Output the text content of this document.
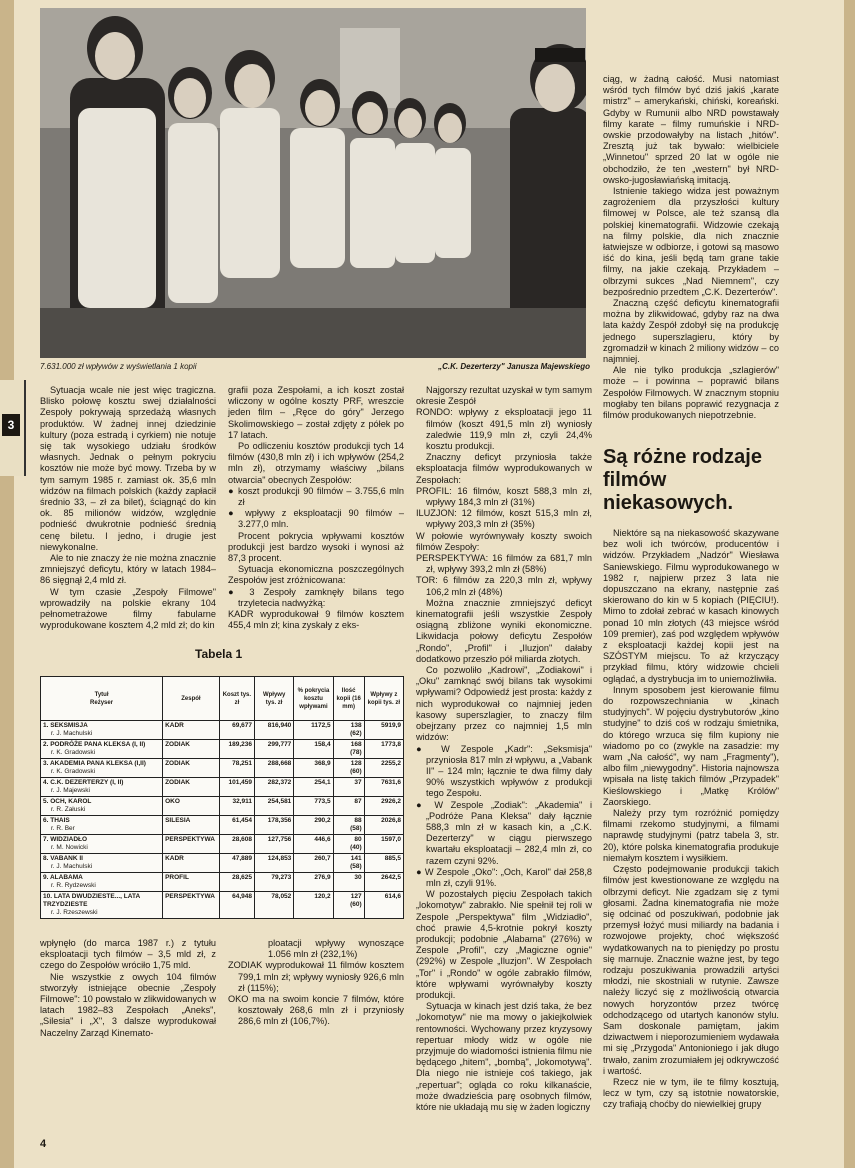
7.631.000 zł wpływów z wyświetlania 1 kopii	„C.K. Dezerterzy" Janusza Majewskiego
3

Sytuacja wcale nie jest więc tragiczna. Blisko połowę kosztu swej działalności Zespoły pokrywają sprzedażą własnych produktów. W żadnej innej dziedzinie kultury (poza estradą i cyrkiem) nie notuje się tak wysokiego udziału środków własnych. Jednak o pełnym pokryciu kosztów nie może być mowy. Trzeba by w tym samym 1985 r. zamiast ok. 35,6 mln widzów na filmach polskich (każdy zapłacił średnio 33, – zł za bilet), ściągnąć do kin ok. 85 milionów widzów, względnie podnieść dwukrotnie podnieść średnią cenę biletu. I jedno, i drugie jest niewykonalne.

Ale to nie znaczy że nie można znacznie zmniejszyć deficytu, który w latach 1984–86 sięgnął 2,4 mld zł.

W tym czasie „Zespoły Filmowe" wprowadziły na polskie ekrany 104 pełnometrażowe filmy fabularne wyprodukowane kosztem 4,2 mld zł; do kin

grafii poza Zespołami, a ich koszt został wliczony w ogólne koszty PRF, wreszcie jeden film – „Ręce do góry" Jerzego Skolimowskiego – został zdjęty z półek po 17 latach.

Po odliczeniu kosztów produkcji tych 14 filmów (430,8 mln zł) i ich wpływów (254,2 mln zł), otrzymamy właściwy „bilans otwarcia" obecnych Zespołów:

● koszt produkcji 90 filmów – 3.755,6 mln zł

● wpływy z eksploatacji 90 filmów – 3.277,0 mln.

Procent pokrycia wpływami kosztów produkcji jest bardzo wysoki i wynosi aż 87,3 procent.

Sytuacja ekonomiczna poszczególnych Zespołów jest zróżnicowana:

● 3 Zespoły zamknęły bilans tego trzyletecia nadwyżką:

KADR wyprodukował 9 filmów kosztem 455,4 mln zł; kina zyskały z eks-

Tabela 1
Tytuł
Reżyser	Zespół	Koszt tys. zł	Wpływy tys. zł	% pokrycia kosztu wpływami	Ilość kopii (16 mm)	Wpływy z kopii tys. zł

1. SEKSMISJA
r. J. Machulski	KADR	69,677	816,940	1172,5	138
(62)	5919,9

2. PODRÓŻE PANA KLEKSA (I, II)
r. K. Gradowski	ZODIAK	189,236	299,777	158,4	168
(78)	1773,8

3. AKADEMIA PANA KLEKSA (I,II)
r. K. Gradowski	ZODIAK	78,251	288,668	368,9	128
(60)	2255,2

4. C.K. DEZERTERZY (I, II)
r. J. Majewski	ZODIAK	101,459	282,372	254,1	37	7631,6

5. OCH, KAROL
r. R. Załuski	OKO	32,911	254,581	773,5	87	2926,2

6. THAIS
r. R. Ber	SILESIA	61,454	178,356	290,2	88
(58)	2026,8

7. WIDZIADŁO
r. M. Nowicki	PERSPEKTYWA	28,608	127,756	446,6	80
(40)	1597,0

8. VABANK II
r. J. Machulski	KADR	47,889	124,853	260,7	141
(58)	885,5

9. ALABAMA
r. R. Rydzewski	PROFIL	28,625	79,273	276,9	30	2642,5

10. LATA DWUDZIESTE..., LATA TRZYDZIESTE
r. J. Rzeszewski	PERSPEKTYWA	64,948	78,052	120,2	127
(60)	614,6

wpłynęło (do marca 1987 r.) z tytułu eksploatacji tych filmów – 3,5 mld zł, z czego do Zespołów wróciło 1,75 mld.

Nie wszystkie z owych 104 filmów stworzyły istniejące obecnie „Zespoły Filmowe": 10 powstało w zlikwidowanych w latach 1982–83 Zespołach „Aneks", „Silesia" i „X", 3 dalsze wyprodukował Naczelny Zarząd Kinemato-

ploatacji wpływy wynoszące 1.056 mln zł (232,1%)

ZODIAK wyprodukował 11 filmów kosztem 799,1 mln zł; wpływy wyniosły 926,6 mln zł (115%);

OKO ma na swoim koncie 7 filmów, które kosztowały 268,6 mln zł i przyniosły 286,6 mln zł (106,7%).

Najgorszy rezultat uzyskał w tym samym okresie Zespół

RONDO: wpływy z eksploatacji jego 11 filmów (koszt 491,5 mln zł) wyniosły zaledwie 119,9 mln zł, czyli 24,4% kosztu produkcji.

Znaczny deficyt przyniosła także eksploatacja filmów wyprodukowanych w Zespołach:

PROFIL: 16 filmów, koszt 588,3 mln zł, wpływy 184,3 mln zł (31%)

ILUZJON: 12 filmów, koszt 515,3 mln zł, wpływy 203,3 mln zł (35%)

W połowie wyrównywały koszty swoich filmów Zespoły:

PERSPEKTYWA: 16 filmów za 681,7 mln zł, wpływy 393,2 mln zł (58%)

TOR: 6 filmów za 220,3 mln zł, wpływy 106,2 mln zł (48%)

Można znacznie zmniejszyć deficyt kinematografii jeśli wszystkie Zespoły osiągną zbliżone wyniki ekonomiczne. Likwidacja połowy deficytu Zespołów „Rondo", „Profil" i „Iluzjon" dałaby dodatkowo przeszło pół miliarda złotych.

Co pozwoliło „Kadrowi", „Zodiakowi" i „Oku" zamknąć swój bilans tak wysokimi wpływami? Odpowiedź jest prosta: każdy z nich wyprodukował co najmniej jeden kasowy superszlagier, to znaczy film obejrzany przez co najmniej 1,5 mln widzów:

● W Zespole „Kadr": „Seksmisja" przyniosła 817 mln zł wpływu, a „Vabank II" – 124 mln; łącznie te dwa filmy dały 90% wszystkich wpływów z produkcji tego Zespołu.

● W Zespole „Zodiak": „Akademia" i „Podróże Pana Kleksa" dały łącznie 588,3 mln zł w kasach kin, a „C.K. Dezerterzy" w ciągu pierwszego kwartału eksploatacji – 282,4 mln zł, co razem czyni 92%.

● W Zespole „Oko": „Och, Karol" dał 258,8 mln zł, czyli 91%.

W pozostałych pięciu Zespołach takich „lokomotyw" zabrakło. Nie spełnił tej roli w Zespole „Perspektywa" film „Widziadło", choć prawie 4,5-krotnie pokrył koszty produkcji; podobnie „Alabama" (276%) w Zespole „Profil", czy „Magiczne ognie" (292%) w Zespole „Iluzjon". W Zespołach „Tor" i „Rondo" w ogóle zabrakło filmów, które wpływami wyrównałyby koszty produkcji.

Sytuacja w kinach jest dziś taka, że bez „lokomotyw" nie ma mowy o jakiejkolwiek rentowności. Wychowany przez kryzysowy repertuar młody widz w ogóle nie przyjmuje do wiadomości istnienia filmu nie będącego „hitem", „bombą", „lokomotywą". Dla niego nie istnieje coś takiego, jak „repertuar"; ogląda co roku kilkanaście, może dwadzieścia parę osobnych filmów, które nie układają mu się w żaden logiczny

ciąg, w żadną całość. Musi natomiast wśród tych filmów być dziś jakiś „karate mistrz" – amerykański, chiński, koreański. Gdyby w Rumunii albo NRD powstawały filmy karate – filmy rumuńskie i NRD-owskie przodowałyby na listach „hitów". Zresztą już tak bywało: wielbiciele „Winnetou" sprzed 20 lat w ogóle nie obchodziło, że ten „western" był NRD-owsko-jugosławiańską imitacją.

Istnienie takiego widza jest poważnym zagrożeniem dla przyszłości kultury filmowej w Polsce, ale też szansą dla polskiej kinematografii. Widzowie czekają na filmy polskie, dla nich znacznie łatwiejsze w odbiorze, i gotowi są masowo iść do kina, jeśli będą tam grane takie filmy, na jakie czekają. Przykładem – olbrzymi sukces „Nad Niemnem", czy bezpośrednio przedtem „C.K. Dezerterów".

Znaczną część deficytu kinematografii można by zlikwidować, gdyby raz na dwa lata każdy Zespół zdobył się na produkcję jednego superszlagieru, który by zgromadził w kinach 2 miliony widzów – co najmniej.

Ale nie tylko produkcja „szlagierów" może – i powinna – poprawić bilans Zespołów Filmowych. W znacznym stopniu mogłaby ten bilans poprawić rezygnacja z filmów produkowanych niepotrzebnie.

Są różne rodzaje filmów niekasowych.

Niektóre są na niekasowość skazywane bez woli ich twórców, producentów i widzów. Przykładem „Nadzór" Wiesława Saniewskiego. Filmu wyprodukowanego w 1982 r, najpierw przez 3 lata nie dopuszczano na ekrany, następnie zaś skierowano do kin w 5 kopiach (PIĘCIU!). Mimo to zdołał zebrać w kasach kinowych ponad 10 mln złotych (43 miejsce wśród 109 premier), zaś pod względem wpływów z eksploatacji każdej kopii jest na SZÓSTYM miejscu. To aż krzyczący przykład filmu, który widzowie chcieli oglądać, a dystrybucja im to uniemożliwiła.

Innym sposobem jest kierowanie filmu do rozpowszechniania w „kinach studyjnych". W pojęciu dystrybutorów „kino studyjne" to dziś coś w rodzaju śmietnika, do którego wrzuca się film kupiony nie wiadomo po co (zwykle na zasadzie: my wam „Na całość", wy nam „Fragmenty"), albo film „niewygodny". Historia najnowsza wpisała na listę takich filmów „Przypadek" Kieślowskiego i „Matkę Królów" Zaorskiego.

Należy przy tym rozróżnić pomiędzy filmami rzekomo studyjnymi, a filmami naprawdę studyjnymi (patrz tabela 3, str. 20), które polska kinematografia produkuje niemałym kosztem i wysiłkiem.

Często podejmowanie produkcji takich filmów jest kwestionowane ze względu na olbrzymi deficyt. Nie zgadzam się z tymi głosami. Żadna kinematografia nie może się odcinać od poszukiwań, podobnie jak przemysł łożyć musi miliardy na badania i rozwojowe projekty, choć większość wydatkowanych na to pieniędzy po prostu się marnuje. Znacznie ważne jest, by tego rodzaju poszukiwania prowadzili artyści młodzi, nie skostniali w rutynie. Zawsze należy liczyć się z możliwością otwarcia nowych horyzontów przez twórcę odchodzącego od utartych kanonów stylu. Sam doskonale pamiętam, jakim dziwactwem i nieporozumieniem wydawała mi się „Przygoda" Antonioniego i jak długo trwało, zanim zrozumiałem jej odkrywczość i wartość.

Rzecz nie w tym, ile te filmy kosztują, lecz w tym, czy są istotnie nowatorskie, czy trafiają choćby do niewielkiej grupy

4
